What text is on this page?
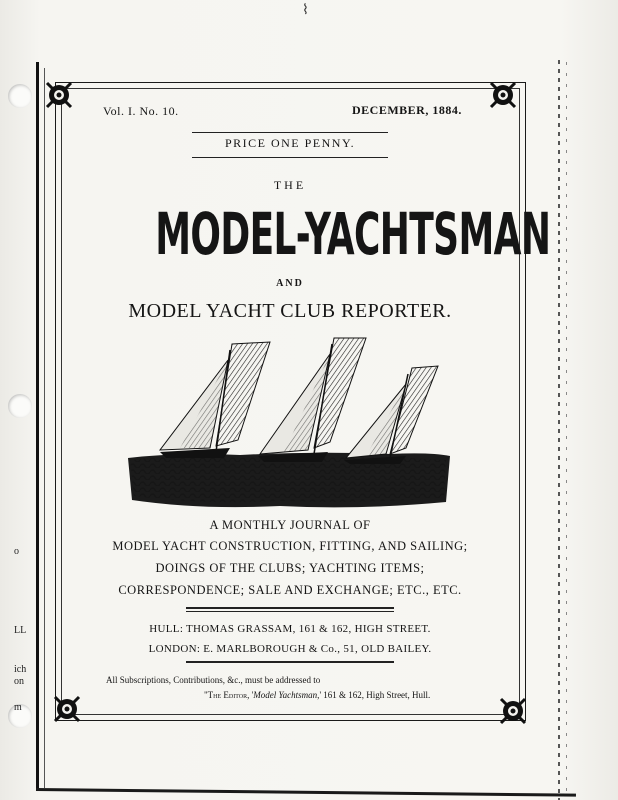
⌇
o
LL
ich
on
m
Vol. I. No. 10.	DECEMBER, 1884.
PRICE ONE PENNY.
THE
MODEL-YACHTSMAN
AND
MODEL YACHT CLUB REPORTER.
A MONTHLY JOURNAL OF
MODEL YACHT CONSTRUCTION, FITTING, AND SAILING;
DOINGS OF THE CLUBS; YACHTING ITEMS;
CORRESPONDENCE; SALE AND EXCHANGE; ETC., ETC.
HULL: THOMAS GRASSAM, 161 & 162, HIGH STREET.
LONDON: E. MARLBOROUGH & Co., 51, OLD BAILEY.
All Subscriptions, Contributions, &c., must be addressed to
"The Editor, 'Model Yachtsman,' 161 & 162, High Street, Hull.
